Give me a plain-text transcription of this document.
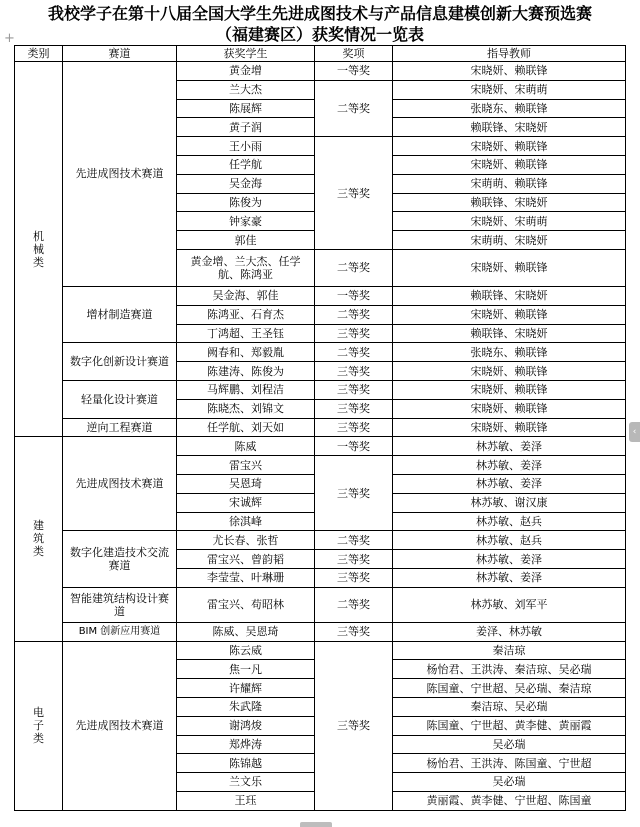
我校学子在第十八届全国大学生先进成图技术与产品信息建模创新大赛预选赛
（福建赛区）获奖情况一览表
+
‹
类别	赛道	获奖学生	奖项	指导教师
机械类	先进成图技术赛道	黄金增	一等奖	宋晓妍、赖联锋
		兰大杰	二等奖	宋晓妍、宋萌萌
		陈展辉		张晓东、赖联锋
		黄子润		赖联锋、宋晓妍
		王小雨	三等奖	宋晓妍、赖联锋
		任学航		宋晓妍、赖联锋
		吴金海		宋萌萌、赖联锋
		陈俊为		赖联锋、宋晓妍
		钟家豪		宋晓妍、宋萌萌
		郭佳		宋萌萌、宋晓妍
		黄金增、兰大杰、任学航、陈鸿亚	二等奖	宋晓妍、赖联锋
	增材制造赛道	吴金海、郭佳	一等奖	赖联锋、宋晓妍
		陈鸿亚、石育杰	二等奖	宋晓妍、赖联锋
		丁鸿超、王圣钰	三等奖	赖联锋、宋晓妍
	数字化创新设计赛道	阙春和、郑毅胤	二等奖	张晓东、赖联锋
		陈建涛、陈俊为	三等奖	宋晓妍、赖联锋
	轻量化设计赛道	马辉鹏、刘程洁	三等奖	宋晓妍、赖联锋
		陈晓杰、刘锦文	三等奖	宋晓妍、赖联锋
	逆向工程赛道	任学航、刘天如	三等奖	宋晓妍、赖联锋
建筑类	先进成图技术赛道	陈威	一等奖	林苏敏、姜泽
		雷宝兴	三等奖	林苏敏、姜泽
		吴恩琦		林苏敏、姜泽
		宋诚辉		林苏敏、谢汉康
		徐淇峰		林苏敏、赵兵
	数字化建造技术交流赛道	尤长春、张哲	二等奖	林苏敏、赵兵
		雷宝兴、曾韵韬	三等奖	林苏敏、姜泽
		李莹莹、叶琳珊	三等奖	林苏敏、姜泽
	智能建筑结构设计赛道	雷宝兴、苟昭林	二等奖	林苏敏、刘军平
	BIM 创新应用赛道	陈威、吴恩琦	三等奖	姜泽、林苏敏
电子类	先进成图技术赛道	陈云威	三等奖	秦洁琼
		焦一凡		杨怡君、王洪涛、秦洁琼、吴必瑞
		许耀辉		陈国童、宁世超、吴必瑞、秦洁琼
		朱武隆		秦洁琼、吴必瑞
		谢鸿焌		陈国童、宁世超、黄李健、黄丽霞
		郑烨涛		吴必瑞
		陈锦越		杨怡君、王洪涛、陈国童、宁世超
		兰文乐		吴必瑞
		王珏		黄丽霞、黄李健、宁世超、陈国童
